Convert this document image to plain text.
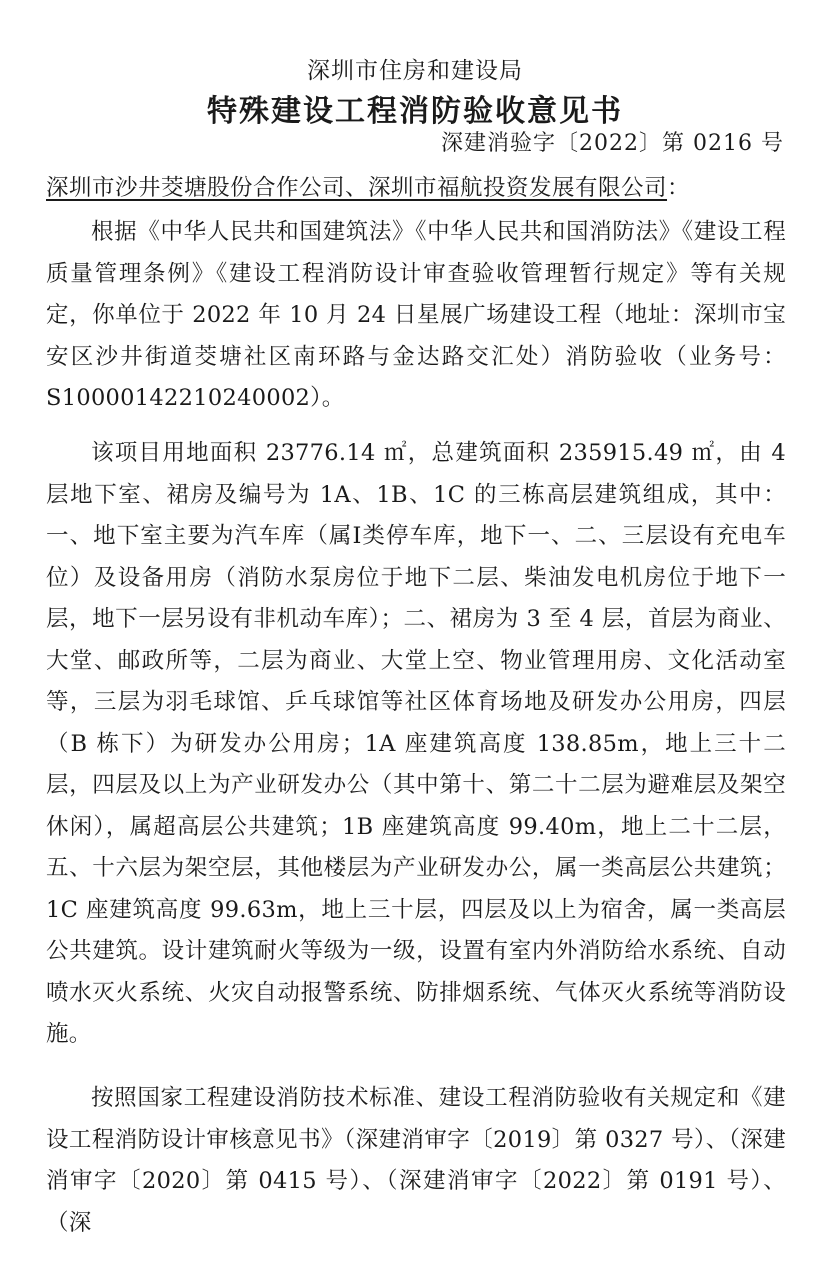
深圳市住房和建设局
特殊建设工程消防验收意见书
深建消验字〔2022〕第 0216 号
深圳市沙井茭塘股份合作公司、深圳市福航投资发展有限公司：

根据《中华人民共和国建筑法》《中华人民共和国消防法》《建设工程质量管理条例》《建设工程消防设计审查验收管理暂行规定》等有关规定，你单位于 2022 年 10 月 24 日星展广场建设工程（地址：深圳市宝安区沙井街道茭塘社区南环路与金达路交汇处）消防验收（业务号：S10000142210240002）。

该项目用地面积 23776.14 ㎡，总建筑面积 235915.49 ㎡，由 4 层地下室、裙房及编号为 1A、1B、1C 的三栋高层建筑组成，其中：一、地下室主要为汽车库（属Ⅰ类停车库，地下一、二、三层设有充电车位）及设备用房（消防水泵房位于地下二层、柴油发电机房位于地下一层，地下一层另设有非机动车库）；二、裙房为 3 至 4 层，首层为商业、大堂、邮政所等，二层为商业、大堂上空、物业管理用房、文化活动室等，三层为羽毛球馆、乒乓球馆等社区体育场地及研发办公用房，四层（B 栋下）为研发办公用房；1A 座建筑高度 138.85m，地上三十二层，四层及以上为产业研发办公（其中第十、第二十二层为避难层及架空休闲），属超高层公共建筑；1B 座建筑高度 99.40m，地上二十二层，五、十六层为架空层，其他楼层为产业研发办公，属一类高层公共建筑；1C 座建筑高度 99.63m，地上三十层，四层及以上为宿舍，属一类高层公共建筑。设计建筑耐火等级为一级，设置有室内外消防给水系统、自动喷水灭火系统、火灾自动报警系统、防排烟系统、气体灭火系统等消防设施。

按照国家工程建设消防技术标准、建设工程消防验收有关规定和《建设工程消防设计审核意见书》（深建消审字〔2019〕第 0327 号）、（深建消审字〔2020〕第 0415 号）、（深建消审字〔2022〕第 0191 号）、（深
